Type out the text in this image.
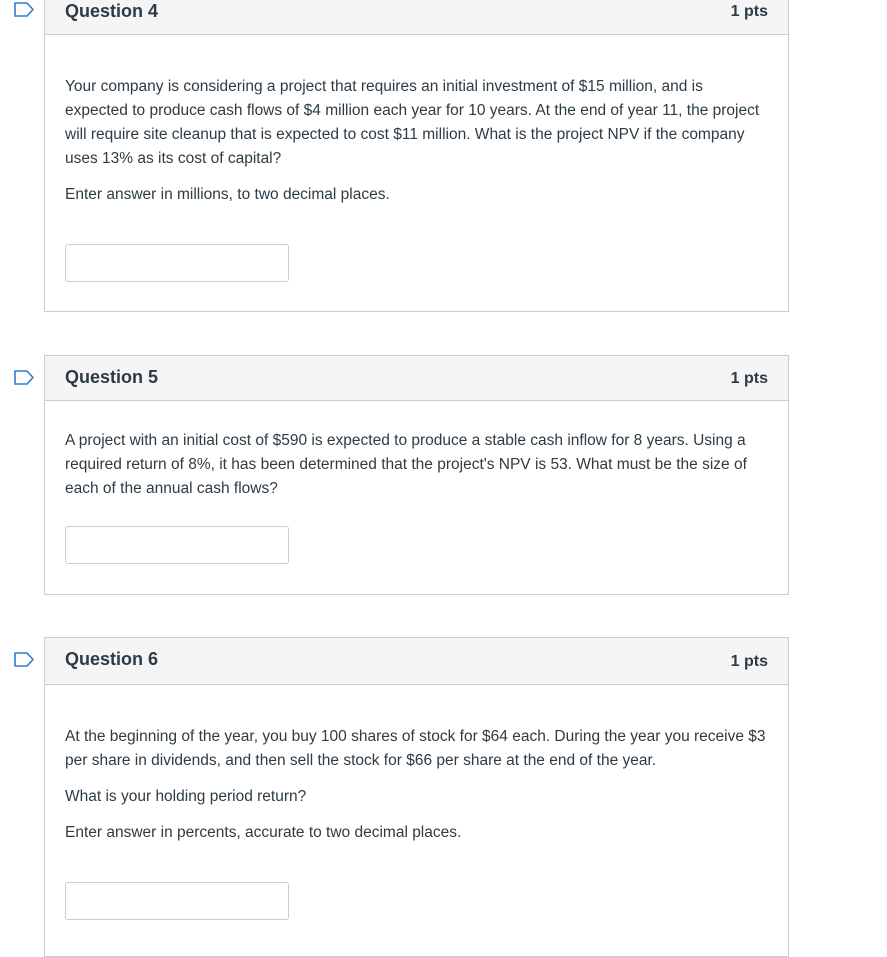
Question 4	1 pts

Your company is considering a project that requires an initial investment of $15 million, and is expected to produce cash flows of $4 million each year for 10 years. At the end of year 11, the project will require site cleanup that is expected to cost $11 million. What is the project NPV if the company uses 13% as its cost of capital?

Enter answer in millions, to two decimal places.

Question 5	1 pts

A project with an initial cost of $590 is expected to produce a stable cash inflow for 8 years. Using a required return of 8%, it has been determined that the project's NPV is 53. What must be the size of each of the annual cash flows?

Question 6	1 pts

At the beginning of the year, you buy 100 shares of stock for $64 each. During the year you receive $3 per share in dividends, and then sell the stock for $66 per share at the end of the year.

What is your holding period return?

Enter answer in percents, accurate to two decimal places.
